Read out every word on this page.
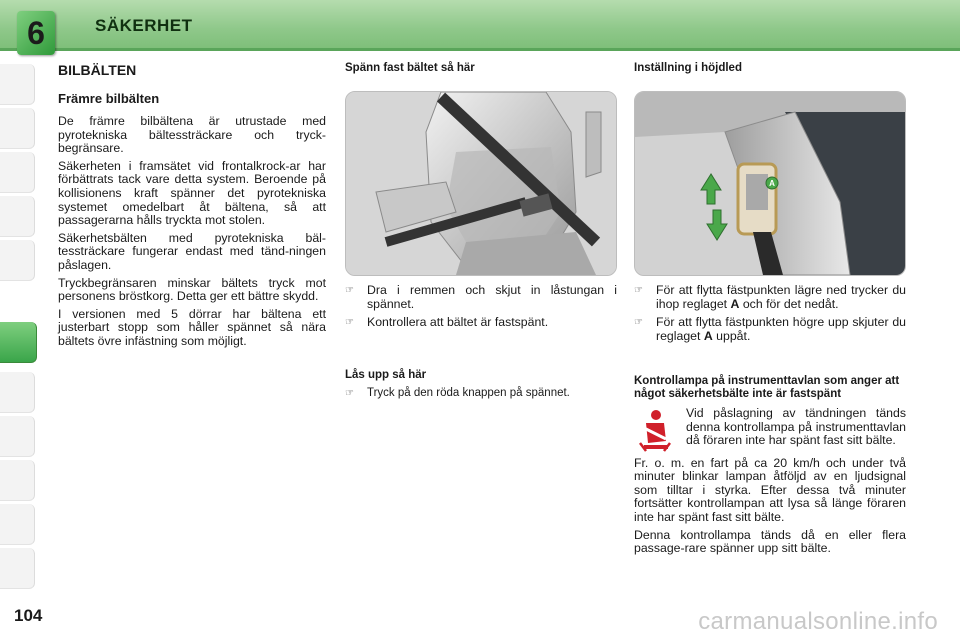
6	SÄKERHET
BILBÄLTEN
Främre bilbälten

De främre bilbältena är utrustade med pyrotekniska bältessträckare och tryck-begränsare.

Säkerheten i framsätet vid frontalkrock-ar har förbättrats tack vare detta system. Beroende på kollisionens kraft spänner det pyrotekniska systemet omedelbart åt bältena, så att passagerarna hålls tryckta mot stolen.

Säkerhetsbälten med pyrotekniska bäl-tessträckare fungerar endast med tänd-ningen påslagen.

Tryckbegränsaren minskar bältets tryck mot personens bröstkorg. Detta ger ett bättre skydd.

I versionen med 5 dörrar har bältena ett justerbart stopp som håller spännet så nära bältets övre infästning som möjligt.

Spänn fast bältet så här
☞	Dra i remmen och skjut in låstungan i spännet.
☞	Kontrollera att bältet är fastspänt.
Lås upp så här
☞	Tryck på den röda knappen på spännet.
Inställning i höjdled
A
☞	För att flytta fästpunkten lägre ned trycker du ihop reglaget A och för det nedåt.
☞	För att flytta fästpunkten högre upp skjuter du reglaget A uppåt.
Kontrollampa på instrumenttavlan som anger att något säkerhetsbälte inte är fastspänt

Vid påslagning av tändningen tänds denna kontrollampa på instrumenttavlan då föraren inte har spänt fast sitt bälte.

Fr. o. m. en fart på ca 20 km/h och under två minuter blinkar lampan åtföljd av en ljudsignal som tilltar i styrka. Efter dessa två minuter fortsätter kontrollampan att lysa så länge föraren inte har spänt fast sitt bälte.

Denna kontrollampa tänds då en eller flera passage-rare spänner upp sitt bälte.

104	carmanualsonline.info
